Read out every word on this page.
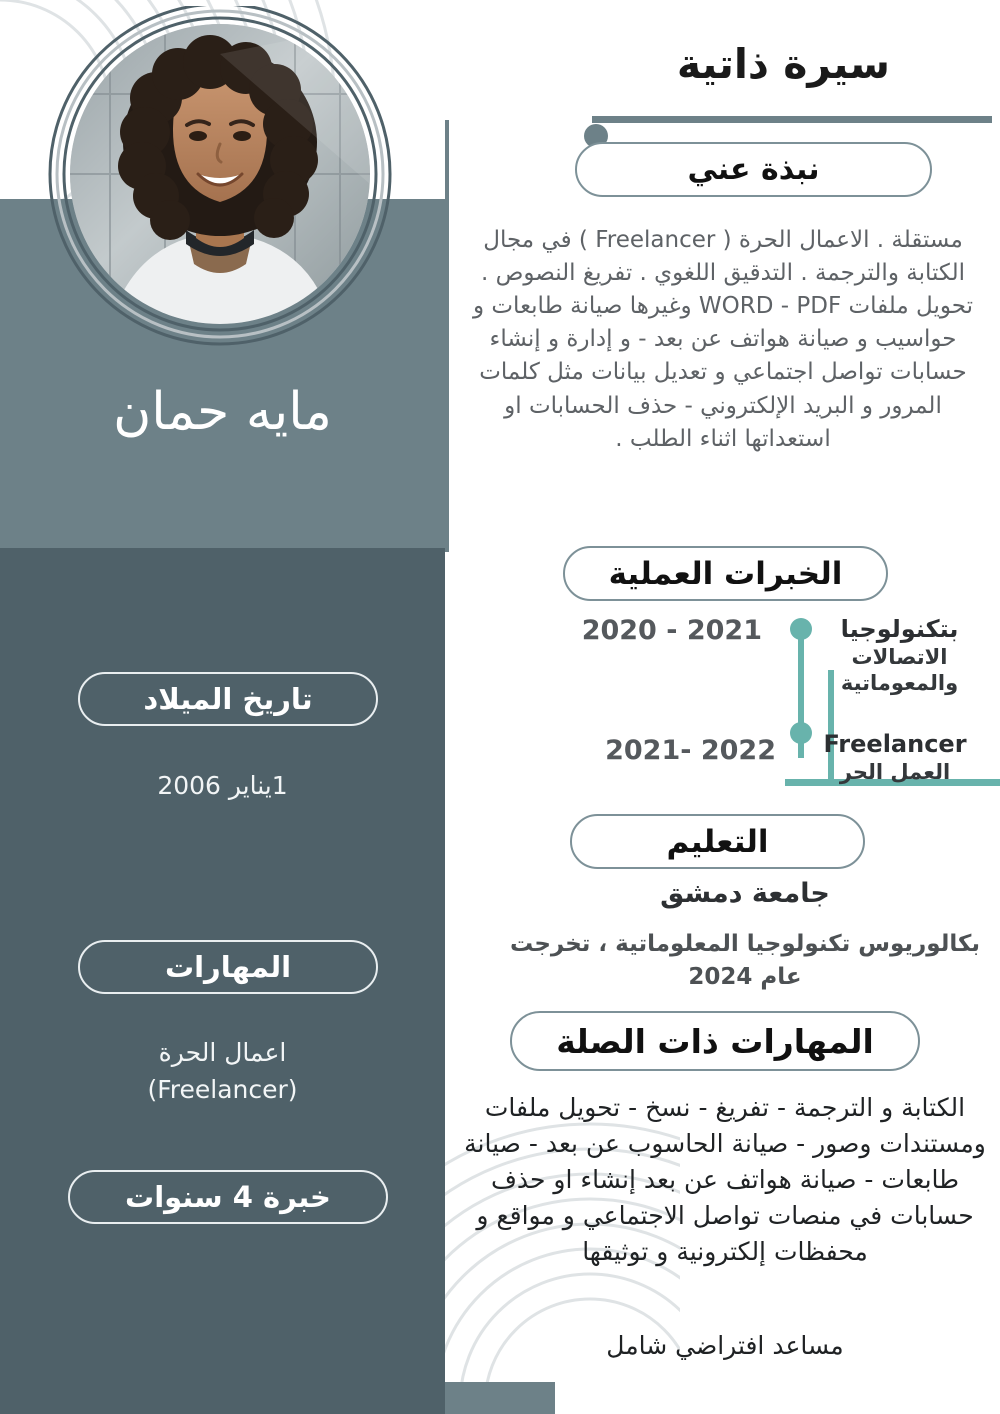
مايه حمان
تاريخ الميلاد
1يناير 2006
المهارات
اعمال الحرة
(Freelancer)
خبرة 4 سنوات
سيرة ذاتية
نبذة عني
مستقلة . الاعمال الحرة ( Freelancer ) في مجال الكتابة والترجمة . التدقيق اللغوي . تفريغ النصوص . تحويل ملفات WORD - PDF وغيرها صيانة طابعات و حواسيب و صيانة هواتف عن بعد - و إدارة و إنشاء حسابات تواصل اجتماعي و تعديل بيانات مثل كلمات المرور و البريد الإلكتروني - حذف الحسابات او استعداتها اثناء الطلب .
الخبرات العملية
2020 - 2021	بتكنولوجيا
الاتصالات والمعوماتية
2021- 2022	Freelancer
العمل الحر
التعليم
جامعة دمشق
بكالوريوس تكنولوجيا المعلوماتية ، تخرجت عام 2024
المهارات ذات الصلة
الكتابة و الترجمة - تفريغ - نسخ - تحويل ملفات ومستندات وصور - صيانة الحاسوب عن بعد - صيانة طابعات - صيانة هواتف عن بعد إنشاء او حذف حسابات في منصات تواصل الاجتماعي و مواقع و محفظات إلكترونية و توثيقها
مساعد افتراضي شامل
